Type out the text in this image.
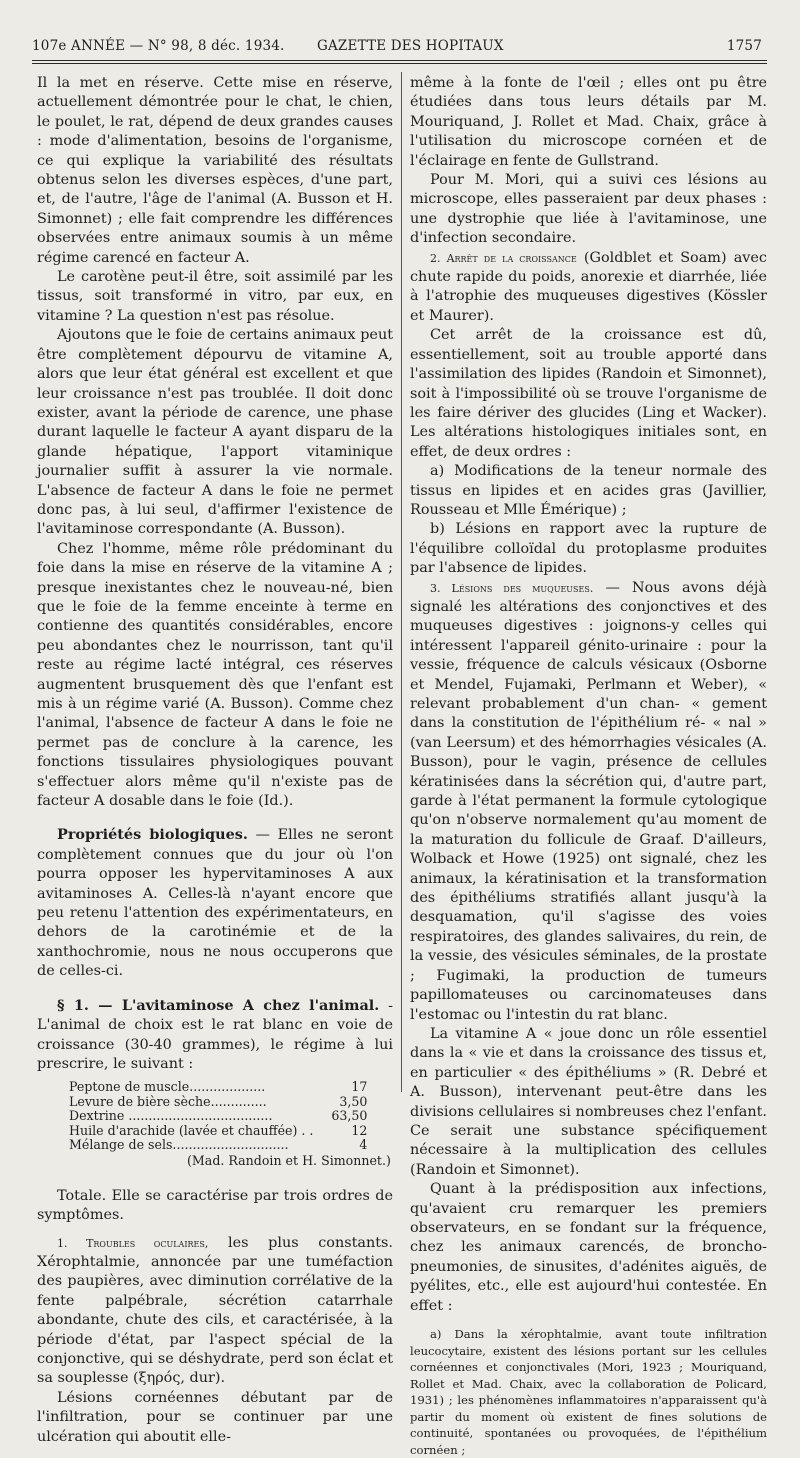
107e ANNÉE — N° 98, 8 déc. 1934. GAZETTE DES HOPITAUX	1757

Il la met en réserve. Cette mise en réserve, actuellement démontrée pour le chat, le chien, le poulet, le rat, dépend de deux grandes causes : mode d'alimentation, besoins de l'organisme, ce qui explique la variabilité des résultats obtenus selon les diverses espèces, d'une part, et, de l'autre, l'âge de l'animal (A. Busson et H. Simonnet) ; elle fait comprendre les différences observées entre animaux soumis à un même régime carencé en facteur A.

Le carotène peut-il être, soit assimilé par les tissus, soit transformé in vitro, par eux, en vitamine ? La question n'est pas résolue.

Ajoutons que le foie de certains animaux peut être complètement dépourvu de vitamine A, alors que leur état général est excellent et que leur croissance n'est pas troublée. Il doit donc exister, avant la période de carence, une phase durant laquelle le facteur A ayant disparu de la glande hépatique, l'apport vitaminique journalier suffit à assurer la vie normale. L'absence de facteur A dans le foie ne permet donc pas, à lui seul, d'affirmer l'existence de l'avitaminose correspondante (A. Busson).

Chez l'homme, même rôle prédominant du foie dans la mise en réserve de la vitamine A ; presque inexistantes chez le nouveau-né, bien que le foie de la femme enceinte à terme en contienne des quantités considérables, encore peu abondantes chez le nourrisson, tant qu'il reste au régime lacté intégral, ces réserves augmentent brusquement dès que l'enfant est mis à un régime varié (A. Busson). Comme chez l'animal, l'absence de facteur A dans le foie ne permet pas de conclure à la carence, les fonctions tissulaires physiologiques pouvant s'effectuer alors même qu'il n'existe pas de facteur A dosable dans le foie (Id.).

Propriétés biologiques. — Elles ne seront complètement connues que du jour où l'on pourra opposer les hypervitaminoses A aux avitaminoses A. Celles-là n'ayant encore que peu retenu l'attention des expérimentateurs, en dehors de la carotinémie et de la xanthochromie, nous ne nous occuperons que de celles-ci.

§ 1. — L'avitaminose A chez l'animal. - L'animal de choix est le rat blanc en voie de croissance (30-40 grammes), le régime à lui prescrire, le suivant :

Peptone de muscle...................	17
Levure de bière sèche..............	3,50
Dextrine ....................................	63,50
Huile d'arachide (lavée et chauffée) . .	12
Mélange de sels.............................	4

(Mad. Randoin et H. Simonnet.)

Totale. Elle se caractérise par trois ordres de symptômes.

1. Troubles oculaires, les plus constants. Xérophtalmie, annoncée par une tuméfaction des paupières, avec diminution corrélative de la fente palpébrale, sécrétion catarrhale abondante, chute des cils, et caractérisée, à la période d'état, par l'aspect spécial de la conjonctive, qui se déshydrate, perd son éclat et sa souplesse (ξηρός, dur).

Lésions cornéennes débutant par de l'infiltration, pour se continuer par une ulcération qui aboutit elle-

même à la fonte de l'œil ; elles ont pu être étudiées dans tous leurs détails par M. Mouriquand, J. Rollet et Mad. Chaix, grâce à l'utilisation du microscope cornéen et de l'éclairage en fente de Gullstrand.

Pour M. Mori, qui a suivi ces lésions au microscope, elles passeraient par deux phases : une dystrophie que liée à l'avitaminose, une d'infection secondaire.

2. Arrêt de la croissance (Goldblet et Soam) avec chute rapide du poids, anorexie et diarrhée, liée à l'atrophie des muqueuses digestives (Kössler et Maurer).

Cet arrêt de la croissance est dû, essentiellement, soit au trouble apporté dans l'assimilation des lipides (Randoin et Simonnet), soit à l'impossibilité où se trouve l'organisme de les faire dériver des glucides (Ling et Wacker). Les altérations histologiques initiales sont, en effet, de deux ordres :

a) Modifications de la teneur normale des tissus en lipides et en acides gras (Javillier, Rousseau et Mlle Émérique) ;

b) Lésions en rapport avec la rupture de l'équilibre colloïdal du protoplasme produites par l'absence de lipides.

3. Lésions des muqueuses. — Nous avons déjà signalé les altérations des conjonctives et des muqueuses digestives : joignons-y celles qui intéressent l'appareil génito-urinaire : pour la vessie, fréquence de calculs vésicaux (Osborne et Mendel, Fujamaki, Perlmann et Weber), « relevant probablement d'un chan- « gement dans la constitution de l'épithélium ré- « nal » (van Leersum) et des hémorrhagies vésicales (A. Busson), pour le vagin, présence de cellules kératinisées dans la sécrétion qui, d'autre part, garde à l'état permanent la formule cytologique qu'on n'observe normalement qu'au moment de la maturation du follicule de Graaf. D'ailleurs, Wolback et Howe (1925) ont signalé, chez les animaux, la kératinisation et la transformation des épithéliums stratifiés allant jusqu'à la desquamation, qu'il s'agisse des voies respiratoires, des glandes salivaires, du rein, de la vessie, des vésicules séminales, de la prostate ; Fugimaki, la production de tumeurs papillomateuses ou carcinomateuses dans l'estomac ou l'intestin du rat blanc.

La vitamine A « joue donc un rôle essentiel dans la « vie et dans la croissance des tissus et, en particulier « des épithéliums » (R. Debré et A. Busson), intervenant peut-être dans les divisions cellulaires si nombreuses chez l'enfant. Ce serait une substance spécifiquement nécessaire à la multiplication des cellules (Randoin et Simonnet).

Quant à la prédisposition aux infections, qu'avaient cru remarquer les premiers observateurs, en se fondant sur la fréquence, chez les animaux carencés, de broncho-pneumonies, de sinusites, d'adénites aiguës, de pyélites, etc., elle est aujourd'hui contestée. En effet :

a) Dans la xérophtalmie, avant toute infiltration leucocytaire, existent des lésions portant sur les cellules cornéennes et conjonctivales (Mori, 1923 ; Mouriquand, Rollet et Mad. Chaix, avec la collaboration de Policard, 1931) ; les phénomènes inflammatoires n'apparaissent qu'à partir du moment où existent de fines solutions de continuité, spontanées ou provoquées, de l'épithélium cornéen ;
